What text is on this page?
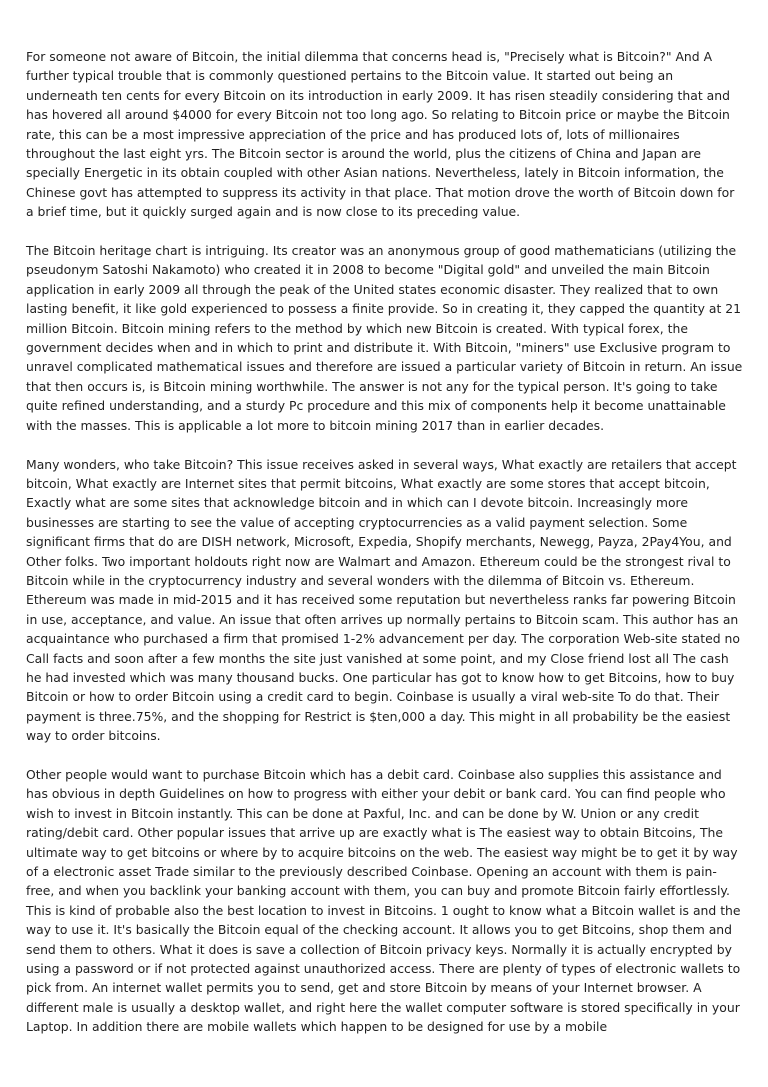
For someone not aware of Bitcoin, the initial dilemma that concerns head is, "Precisely what is Bitcoin?" And A further typical trouble that is commonly questioned pertains to the Bitcoin value. It started out being an underneath ten cents for every Bitcoin on its introduction in early 2009. It has risen steadily considering that and has hovered all around $4000 for every Bitcoin not too long ago. So relating to Bitcoin price or maybe the Bitcoin rate, this can be a most impressive appreciation of the price and has produced lots of, lots of millionaires throughout the last eight yrs. The Bitcoin sector is around the world, plus the citizens of China and Japan are specially Energetic in its obtain coupled with other Asian nations. Nevertheless, lately in Bitcoin information, the Chinese govt has attempted to suppress its activity in that place. That motion drove the worth of Bitcoin down for a brief time, but it quickly surged again and is now close to its preceding value.

The Bitcoin heritage chart is intriguing. Its creator was an anonymous group of good mathematicians (utilizing the pseudonym Satoshi Nakamoto) who created it in 2008 to become "Digital gold" and unveiled the main Bitcoin application in early 2009 all through the peak of the United states economic disaster. They realized that to own lasting benefit, it like gold experienced to possess a finite provide. So in creating it, they capped the quantity at 21 million Bitcoin. Bitcoin mining refers to the method by which new Bitcoin is created. With typical forex, the government decides when and in which to print and distribute it. With Bitcoin, "miners" use Exclusive program to unravel complicated mathematical issues and therefore are issued a particular variety of Bitcoin in return. An issue that then occurs is, is Bitcoin mining worthwhile. The answer is not any for the typical person. It's going to take quite refined understanding, and a sturdy Pc procedure and this mix of components help it become unattainable with the masses. This is applicable a lot more to bitcoin mining 2017 than in earlier decades.

Many wonders, who take Bitcoin? This issue receives asked in several ways, What exactly are retailers that accept bitcoin, What exactly are Internet sites that permit bitcoins, What exactly are some stores that accept bitcoin, Exactly what are some sites that acknowledge bitcoin and in which can I devote bitcoin. Increasingly more businesses are starting to see the value of accepting cryptocurrencies as a valid payment selection. Some significant firms that do are DISH network, Microsoft, Expedia, Shopify merchants, Newegg, Payza, 2Pay4You, and Other folks. Two important holdouts right now are Walmart and Amazon. Ethereum could be the strongest rival to Bitcoin while in the cryptocurrency industry and several wonders with the dilemma of Bitcoin vs. Ethereum. Ethereum was made in mid-2015 and it has received some reputation but nevertheless ranks far powering Bitcoin in use, acceptance, and value. An issue that often arrives up normally pertains to Bitcoin scam. This author has an acquaintance who purchased a firm that promised 1-2% advancement per day. The corporation Web-site stated no Call facts and soon after a few months the site just vanished at some point, and my Close friend lost all The cash he had invested which was many thousand bucks. One particular has got to know how to get Bitcoins, how to buy Bitcoin or how to order Bitcoin using a credit card to begin. Coinbase is usually a viral web-site To do that. Their payment is three.75%, and the shopping for Restrict is $ten,000 a day. This might in all probability be the easiest way to order bitcoins.

Other people would want to purchase Bitcoin which has a debit card. Coinbase also supplies this assistance and has obvious in depth Guidelines on how to progress with either your debit or bank card. You can find people who wish to invest in Bitcoin instantly. This can be done at Paxful, Inc. and can be done by W. Union or any credit rating/debit card. Other popular issues that arrive up are exactly what is The easiest way to obtain Bitcoins, The ultimate way to get bitcoins or where by to acquire bitcoins on the web. The easiest way might be to get it by way of a electronic asset Trade similar to the previously described Coinbase. Opening an account with them is pain-free, and when you backlink your banking account with them, you can buy and promote Bitcoin fairly effortlessly. This is kind of probable also the best location to invest in Bitcoins. 1 ought to know what a Bitcoin wallet is and the way to use it. It's basically the Bitcoin equal of the checking account. It allows you to get Bitcoins, shop them and send them to others. What it does is save a collection of Bitcoin privacy keys. Normally it is actually encrypted by using a password or if not protected against unauthorized access. There are plenty of types of electronic wallets to pick from. An internet wallet permits you to send, get and store Bitcoin by means of your Internet browser. A different male is usually a desktop wallet, and right here the wallet computer software is stored specifically in your Laptop. In addition there are mobile wallets which happen to be designed for use by a mobile
